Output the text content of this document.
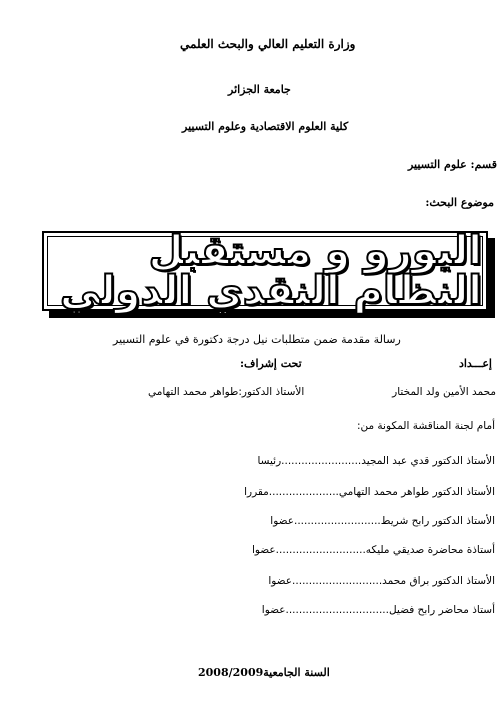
وزارة التعليم العالي والبحث العلمي
جامعة الجزائر
كلية العلوم الاقتصادية وعلوم التسيير
قسم: علوم التسيير
موضوع البحث:
اليورو و مستقبل النظام النقدي الدولي
رسالة مقدمة ضمن متطلبات نيل درجة دكتورة في علوم التسيير
إعـــداد
تحت إشراف:
محمد الأمين ولد المختار
الأستاذ الدكتور:طواهر محمد التهامي
أمام لجنة المناقشة المكونة من:
الأستاذ الدكتور قدي عبد المجيد........................رئيسا
الأستاذ الدكتور طواهر محمد التهامي.....................مقررا
الأستاذ الدكتور رابح شريط..........................عضوا
أستاذة محاضرة صديقي مليكه...........................عضوا
الأستاذ الدكتور براق محمد...........................عضوا
أستاذ محاضر رابح فضيل...............................عضوا
السنة الجامعية2008/2009
